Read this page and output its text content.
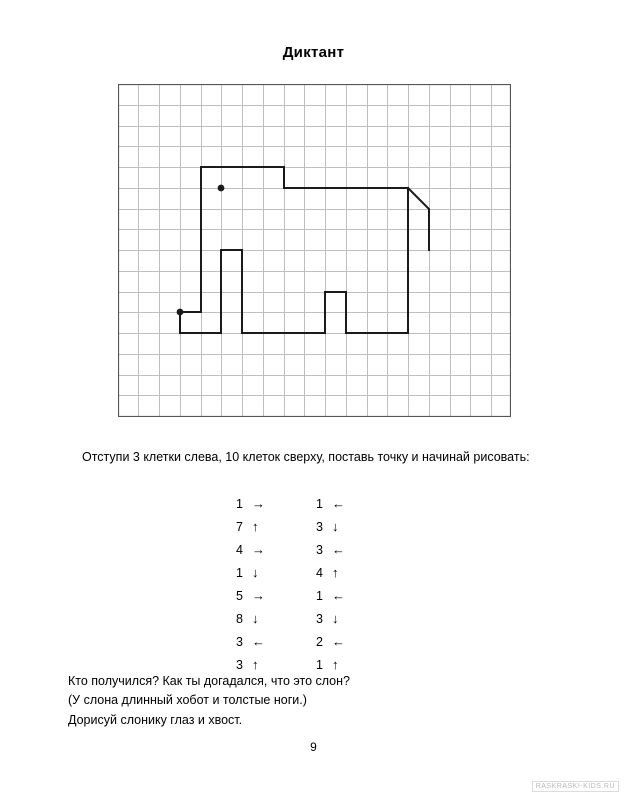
Диктант
Отступи 3 клетки слева, 10 клеток сверху, поставь точку и начинай рисовать:
1	→		1	←
7	↑		3	↓
4	→		3	←
1	↓		4	↑
5	→		1	←
8	↓		3	↓
3	←		2	←
3	↑		1	↑
Кто получился? Как ты догадался, что это слон?
(У слона длинный хобот и толстые ноги.)
Дорисуй слонику глаз и хвост.
9
RASKRASKI-KIDS.RU
